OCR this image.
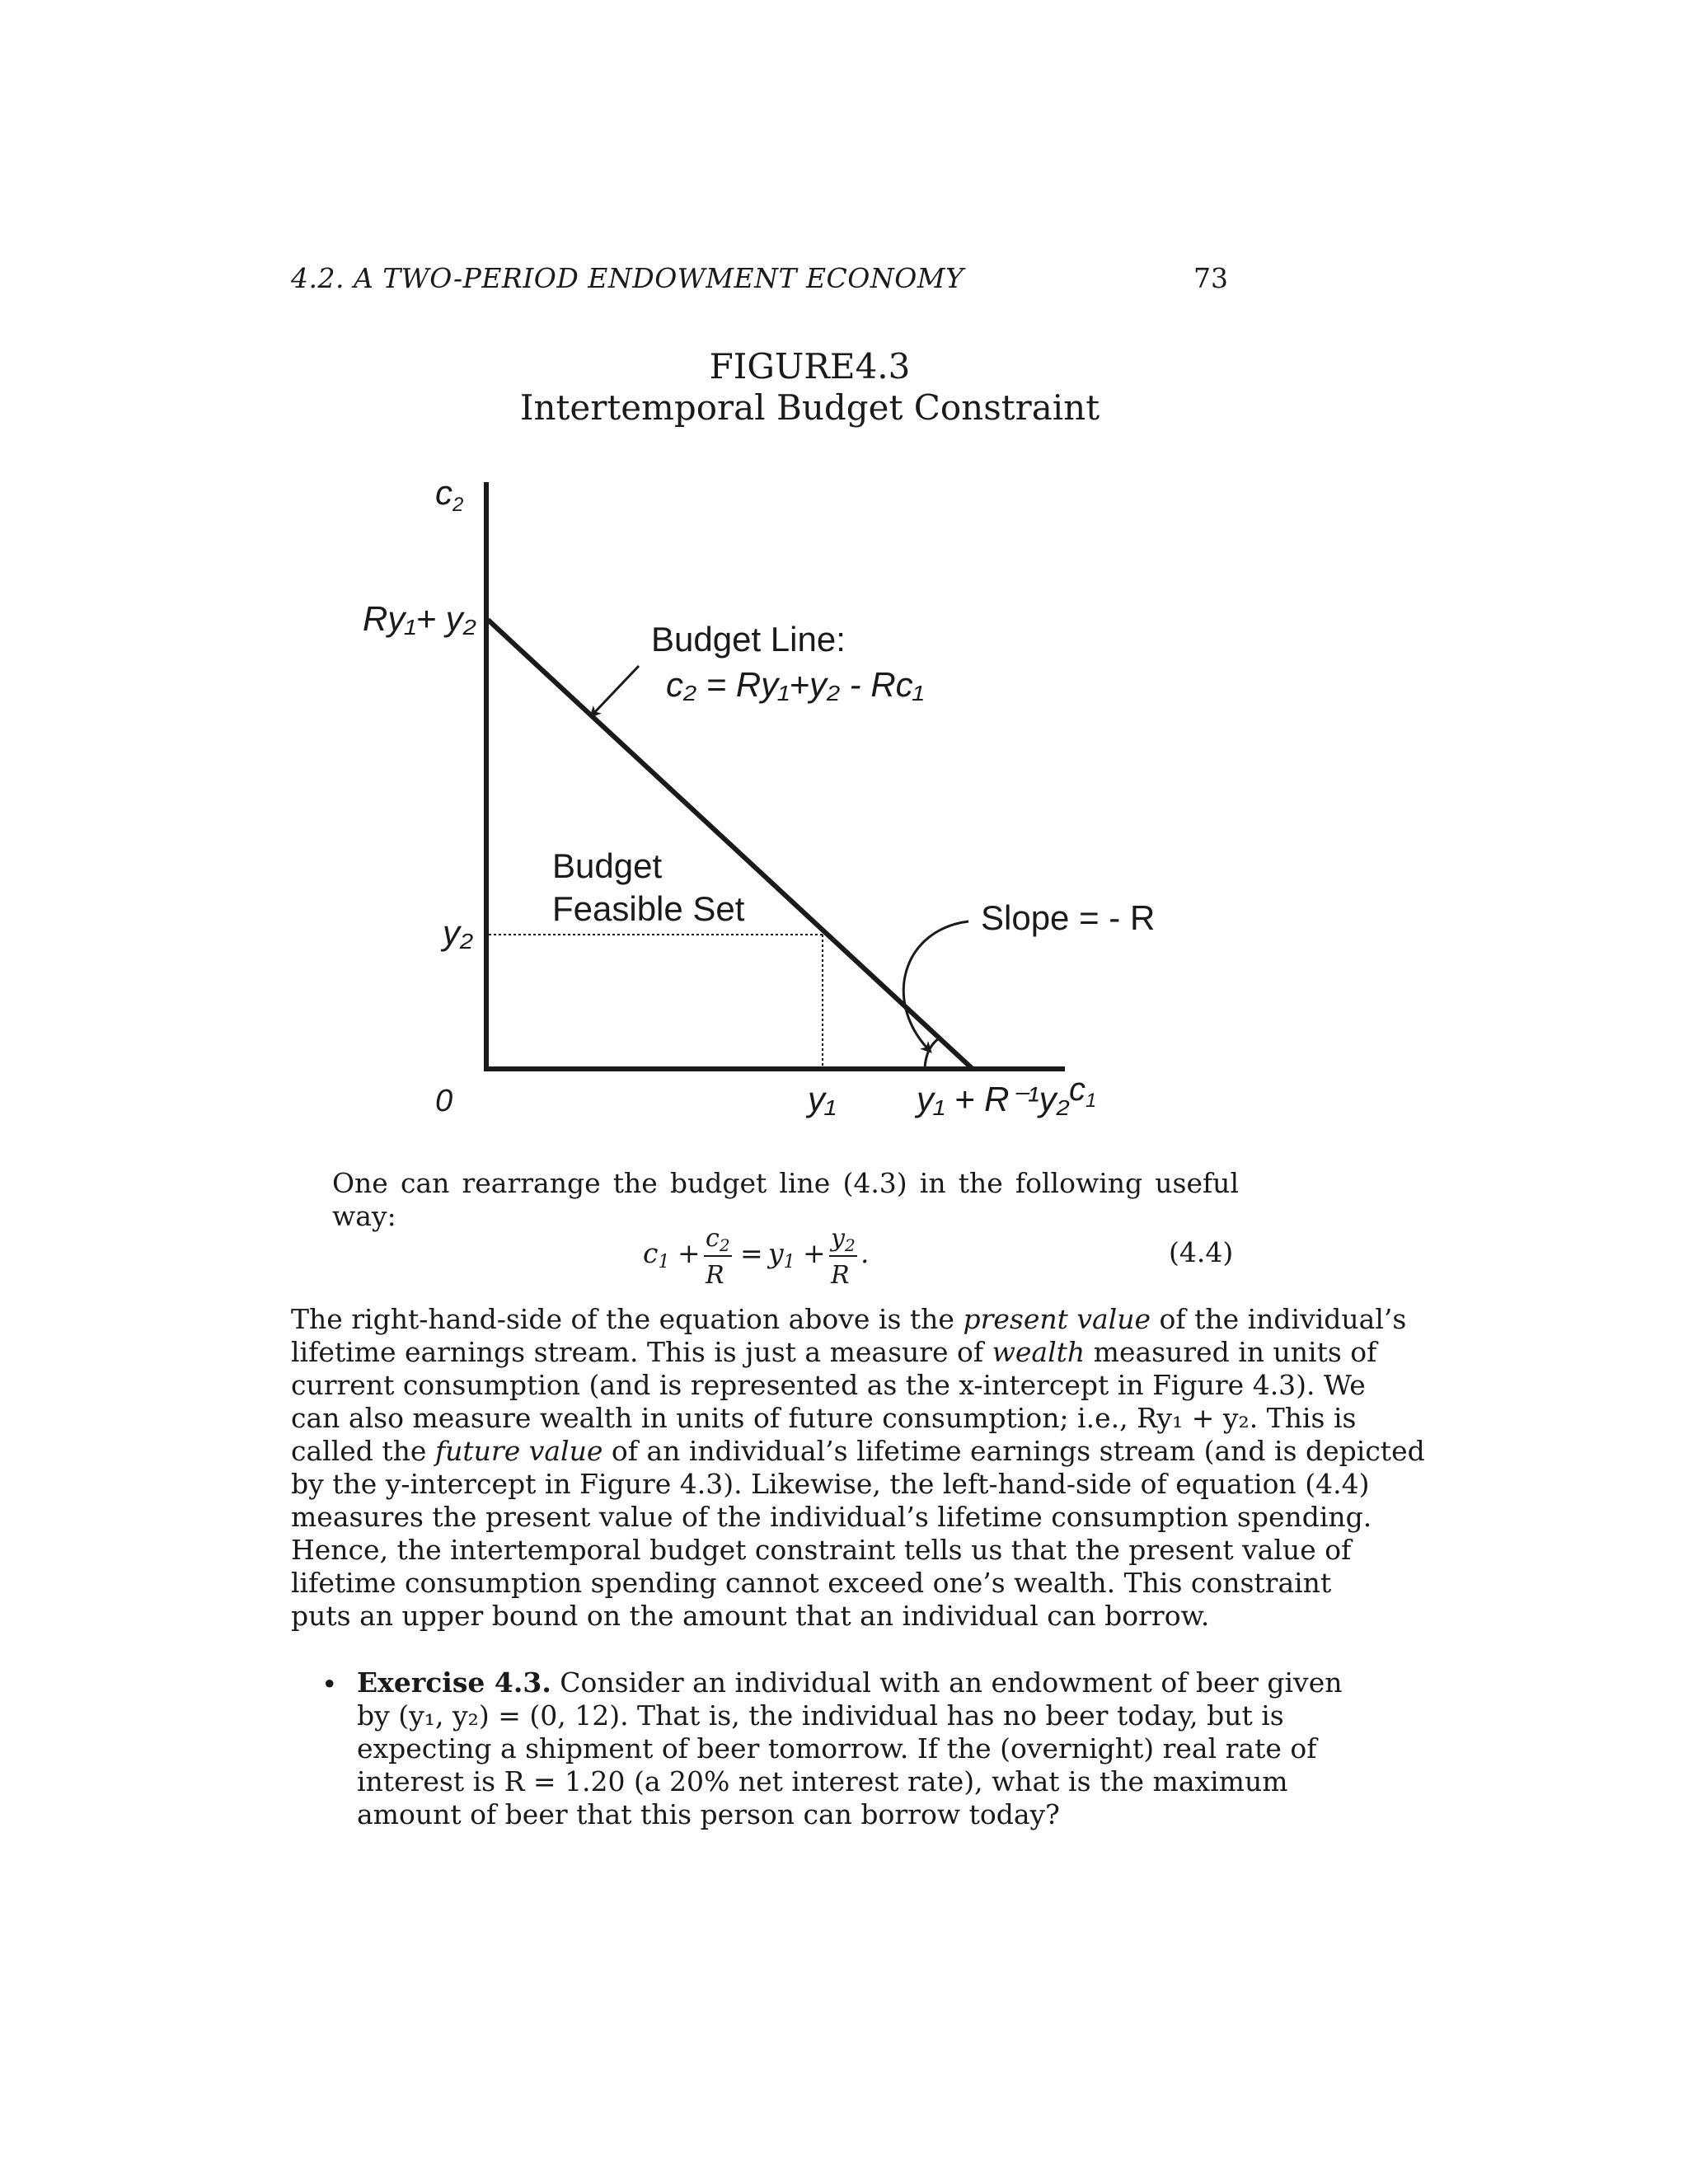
4.2. A TWO-PERIOD ENDOWMENT ECONOMY	73
FIGURE4.3
Intertemporal Budget Constraint
c2
Ry₁+ y₂
y₂
0	y₁ y₁ + R⁻¹y₂ $c_1$
Budget Line:
c₂ = Ry₁+y₂ - Rc₁
Budget
Feasible Set	Slope = - R
One can rearrange the budget line (4.3) in the following useful way:
$c1 + c_2$
R
= $y1 + y_2$
R
.	(4.4)
The right-hand-side of the equation above is the present value of the individual’s
lifetime earnings stream. This is just a measure of wealth measured in units of
current consumption (and is represented as the x-intercept in Figure 4.3). We
can also measure wealth in units of future consumption; i.e., Ry₁ + y₂. This is
called the future value of an individual’s lifetime earnings stream (and is depicted
by the y-intercept in Figure 4.3). Likewise, the left-hand-side of equation (4.4)
measures the present value of the individual’s lifetime consumption spending.
Hence, the intertemporal budget constraint tells us that the present value of
lifetime consumption spending cannot exceed one’s wealth. This constraint
puts an upper bound on the amount that an individual can borrow.
• Exercise 4.3. Consider an individual with an endowment of beer given
by (y₁, y₂) = (0, 12). That is, the individual has no beer today, but is
expecting a shipment of beer tomorrow. If the (overnight) real rate of
interest is R = 1.20 (a 20% net interest rate), what is the maximum
amount of beer that this person can borrow today?
